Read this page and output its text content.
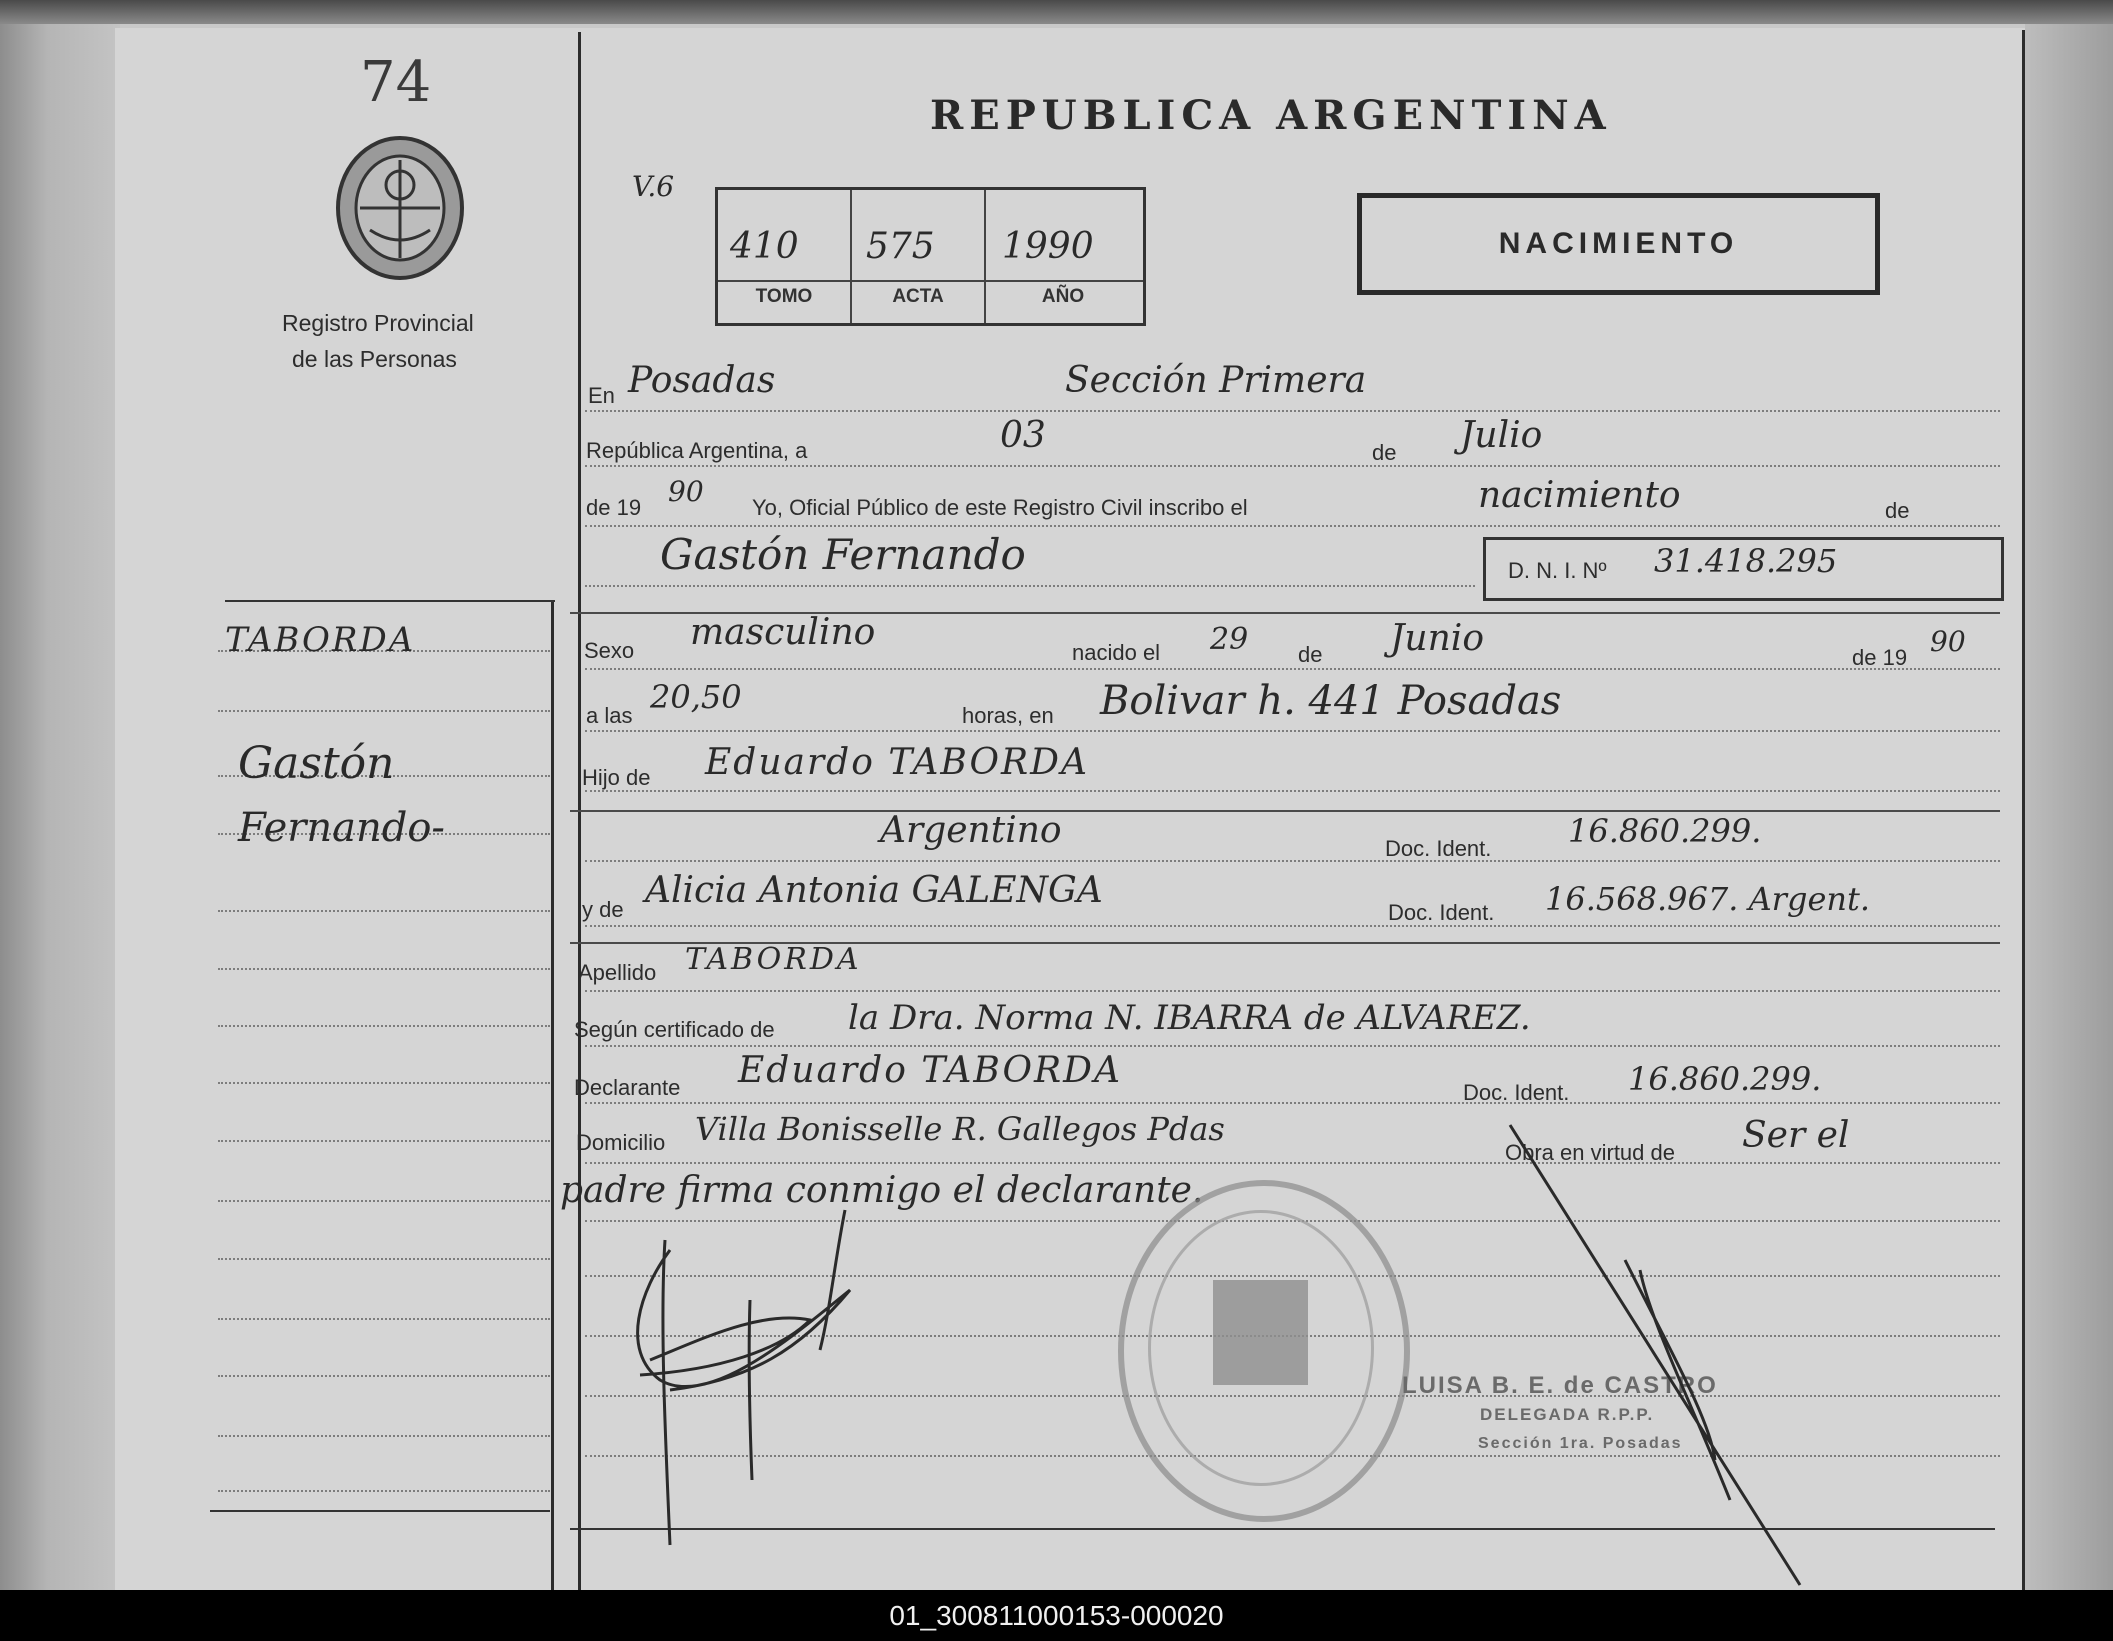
74
Registro Provincial
de las Personas
REPUBLICA ARGENTINA
V.6
410 575 1990
TOMO	ACTA	AÑO
NACIMIENTO
TABORDA
Gastón
Fernando-
En Posadas	Sección Primera
República Argentina, a	03	de Julio
de 19 90 Yo, Oficial Público de este Registro Civil inscribo el	nacimiento	de
Gastón Fernando	D. N. I. Nº 31.418.295
Sexo masculino	nacido el 29 de Junio	de 19 90
a las 20,50	horas, en Bolivar h. 441 Posadas
Hijo de Eduardo TABORDA
Argentino	Doc. Ident. 16.860.299.
y de Alicia Antonia GALENGA
Doc. Ident. 16.568.967. Argent.
Apellido TABORDA
Según certificado de la Dra. Norma N. IBARRA de ALVAREZ.
Declarante Eduardo TABORDA
Doc. Ident. 16.860.299.
Domicilio Villa Bonisselle R. Gallegos Pdas
Obra en virtud de Ser el
padre firma conmigo el declarante.
LUISA B. E. de CASTRO
DELEGADA R.P.P.
Sección 1ra. Posadas
01_300811000153-000020
